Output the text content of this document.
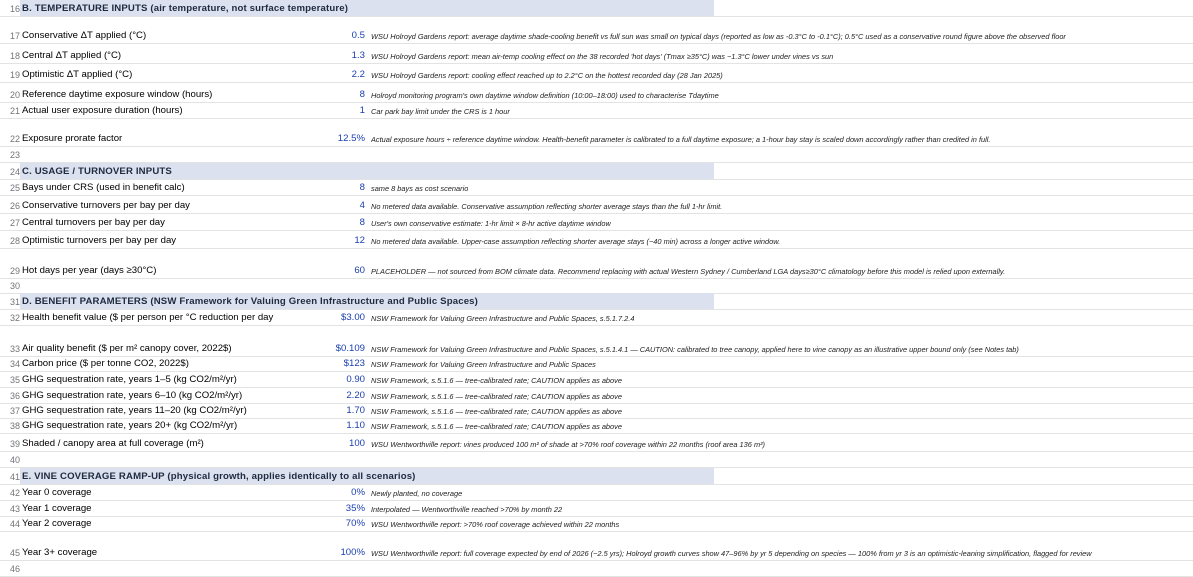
16 B. TEMPERATURE INPUTS (air temperature, not surface temperature)
17 Conservative ΔT applied (°C)	0.5 WSU Holroyd Gardens report: average daytime shade-cooling benefit vs full sun was small on typical days (reported as low as -0.3°C to -0.1°C); 0.5°C used as a conservative round figure above the observed floor
18 Central ΔT applied (°C)	1.3 WSU Holroyd Gardens report: mean air-temp cooling effect on the 38 recorded 'hot days' (Tmax ≥35°C) was −1.3°C lower under vines vs sun
19 Optimistic ΔT applied (°C)	2.2 WSU Holroyd Gardens report: cooling effect reached up to 2.2°C on the hottest recorded day (28 Jan 2025)
20 Reference daytime exposure window (hours)	8 Holroyd monitoring program's own daytime window definition (10:00–18:00) used to characterise Tdaytime
21 Actual user exposure duration (hours)	1 Car park bay limit under the CRS is 1 hour
22 Exposure prorate factor	12.5% Actual exposure hours ÷ reference daytime window. Health-benefit parameter is calibrated to a full daytime exposure; a 1-hour bay stay is scaled down accordingly rather than credited in full.
23
24 C. USAGE / TURNOVER INPUTS
25 Bays under CRS (used in benefit calc)	8 same 8 bays as cost scenario
26 Conservative turnovers per bay per day	4 No metered data available. Conservative assumption reflecting shorter average stays than the full 1-hr limit.
27 Central turnovers per bay per day	8 User's own conservative estimate: 1-hr limit × 8-hr active daytime window
28 Optimistic turnovers per bay per day	12 No metered data available. Upper-case assumption reflecting shorter average stays (~40 min) across a longer active window.
29 Hot days per year (days ≥30°C)	60 PLACEHOLDER — not sourced from BOM climate data. Recommend replacing with actual Western Sydney / Cumberland LGA days≥30°C climatology before this model is relied upon externally.
30
31 D. BENEFIT PARAMETERS (NSW Framework for Valuing Green Infrastructure and Public Spaces)
32 Health benefit value ($ per person per °C reduction per day	$3.00 NSW Framework for Valuing Green Infrastructure and Public Spaces, s.5.1.7.2.4
33 Air quality benefit ($ per m² canopy cover, 2022$)	$0.109 NSW Framework for Valuing Green Infrastructure and Public Spaces, s.5.1.4.1 — CAUTION: calibrated to tree canopy, applied here to vine canopy as an illustrative upper bound only (see Notes tab)
34 Carbon price ($ per tonne CO2, 2022$)	$123 NSW Framework for Valuing Green Infrastructure and Public Spaces
35 GHG sequestration rate, years 1–5 (kg CO2/m²/yr)	0.90 NSW Framework, s.5.1.6 — tree-calibrated rate; CAUTION applies as above
36 GHG sequestration rate, years 6–10 (kg CO2/m²/yr)	2.20 NSW Framework, s.5.1.6 — tree-calibrated rate; CAUTION applies as above
37 GHG sequestration rate, years 11–20 (kg CO2/m²/yr)	1.70 NSW Framework, s.5.1.6 — tree-calibrated rate; CAUTION applies as above
38 GHG sequestration rate, years 20+ (kg CO2/m²/yr)	1.10 NSW Framework, s.5.1.6 — tree-calibrated rate; CAUTION applies as above
39 Shaded / canopy area at full coverage (m²)	100 WSU Wentworthville report: vines produced 100 m² of shade at >70% roof coverage within 22 months (roof area 136 m²)
40
41 E. VINE COVERAGE RAMP-UP (physical growth, applies identically to all scenarios)
42 Year 0 coverage	0% Newly planted, no coverage
43 Year 1 coverage	35% Interpolated — Wentworthville reached >70% by month 22
44 Year 2 coverage	70% WSU Wentworthville report: >70% roof coverage achieved within 22 months
45 Year 3+ coverage	100% WSU Wentworthville report: full coverage expected by end of 2026 (~2.5 yrs); Holroyd growth curves show 47–96% by yr 5 depending on species — 100% from yr 3 is an optimistic-leaning simplification, flagged for review
46
